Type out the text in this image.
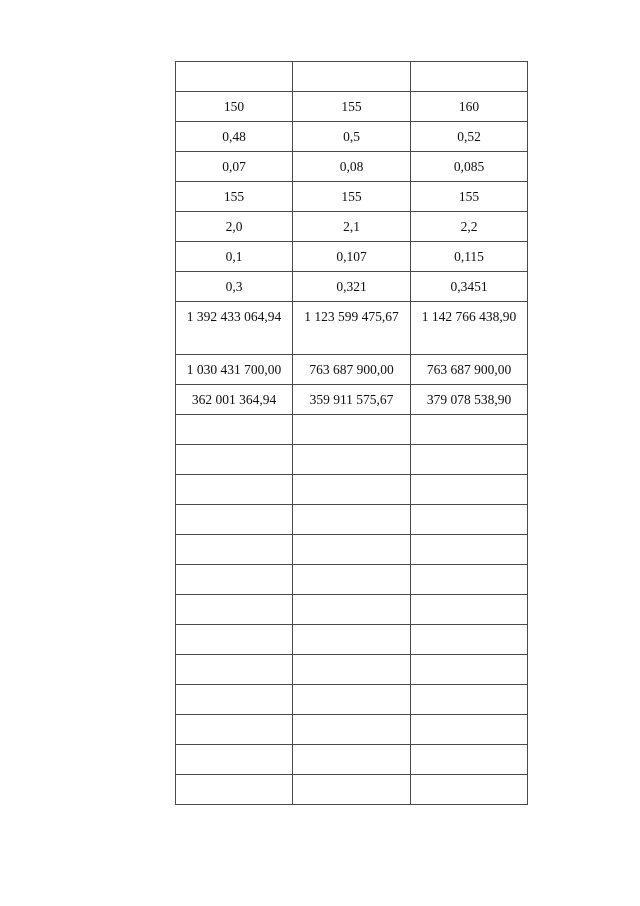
150	155	160
0,48	0,5	0,52
0,07	0,08	0,085
155	155	155
2,0	2,1	2,2
0,1	0,107	0,115
0,3	0,321	0,3451
1 392 433 064,94	1 123 599 475,67	1 142 766 438,90
1 030 431 700,00	763 687 900,00	763 687 900,00
362 001 364,94	359 911 575,67	379 078 538,90
